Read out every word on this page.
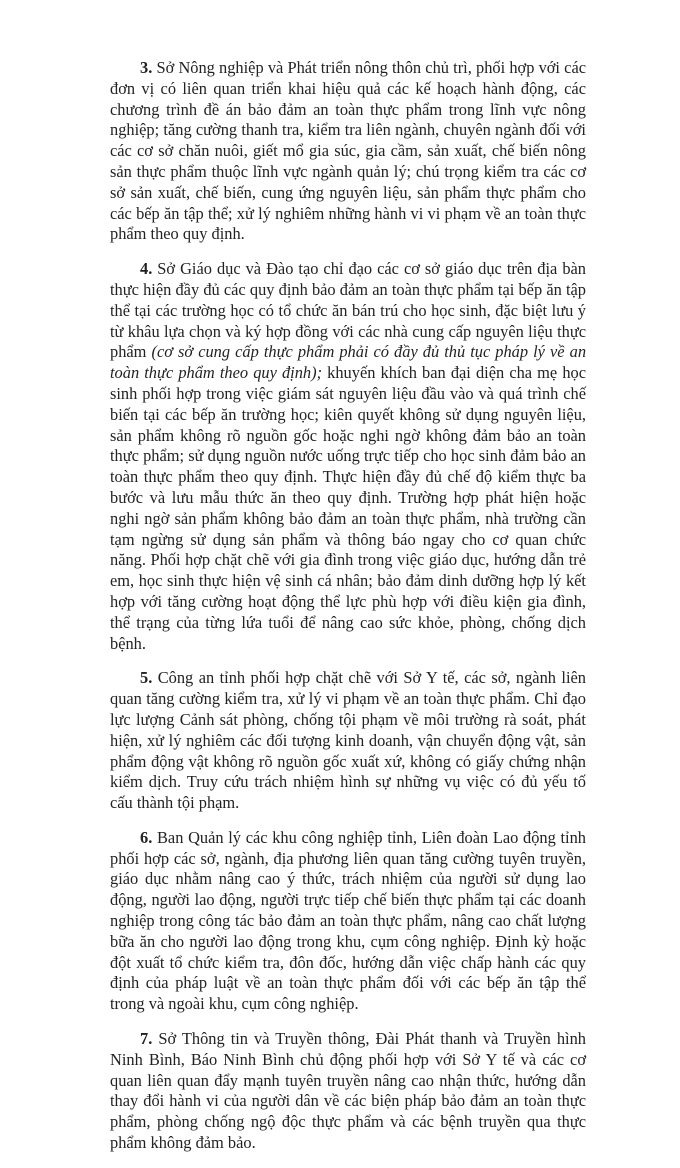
3. Sở Nông nghiệp và Phát triển nông thôn chủ trì, phối hợp với các đơn vị có liên quan triển khai hiệu quả các kế hoạch hành động, các chương trình đề án bảo đảm an toàn thực phẩm trong lĩnh vực nông nghiệp; tăng cường thanh tra, kiểm tra liên ngành, chuyên ngành đối với các cơ sở chăn nuôi, giết mổ gia súc, gia cầm, sản xuất, chế biến nông sản thực phẩm thuộc lĩnh vực ngành quản lý; chú trọng kiểm tra các cơ sở sản xuất, chế biến, cung ứng nguyên liệu, sản phẩm thực phẩm cho các bếp ăn tập thể; xử lý nghiêm những hành vi vi phạm về an toàn thực phẩm theo quy định.

4. Sở Giáo dục và Đào tạo chỉ đạo các cơ sở giáo dục trên địa bàn thực hiện đầy đủ các quy định bảo đảm an toàn thực phẩm tại bếp ăn tập thể tại các trường học có tổ chức ăn bán trú cho học sinh, đặc biệt lưu ý từ khâu lựa chọn và ký hợp đồng với các nhà cung cấp nguyên liệu thực phẩm (cơ sở cung cấp thực phẩm phải có đầy đủ thủ tục pháp lý về an toàn thực phẩm theo quy định); khuyến khích ban đại diện cha mẹ học sinh phối hợp trong việc giám sát nguyên liệu đầu vào và quá trình chế biến tại các bếp ăn trường học; kiên quyết không sử dụng nguyên liệu, sản phẩm không rõ nguồn gốc hoặc nghi ngờ không đảm bảo an toàn thực phẩm; sử dụng nguồn nước uống trực tiếp cho học sinh đảm bảo an toàn thực phẩm theo quy định. Thực hiện đầy đủ chế độ kiểm thực ba bước và lưu mẫu thức ăn theo quy định. Trường hợp phát hiện hoặc nghi ngờ sản phẩm không bảo đảm an toàn thực phẩm, nhà trường cần tạm ngừng sử dụng sản phẩm và thông báo ngay cho cơ quan chức năng. Phối hợp chặt chẽ với gia đình trong việc giáo dục, hướng dẫn trẻ em, học sinh thực hiện vệ sinh cá nhân; bảo đảm dinh dưỡng hợp lý kết hợp với tăng cường hoạt động thể lực phù hợp với điều kiện gia đình, thể trạng của từng lứa tuổi để nâng cao sức khỏe, phòng, chống dịch bệnh.

5. Công an tỉnh phối hợp chặt chẽ với Sở Y tế, các sở, ngành liên quan tăng cường kiểm tra, xử lý vi phạm về an toàn thực phẩm. Chỉ đạo lực lượng Cảnh sát phòng, chống tội phạm về môi trường rà soát, phát hiện, xử lý nghiêm các đối tượng kinh doanh, vận chuyển động vật, sản phẩm động vật không rõ nguồn gốc xuất xứ, không có giấy chứng nhận kiểm dịch. Truy cứu trách nhiệm hình sự những vụ việc có đủ yếu tố cấu thành tội phạm.

6. Ban Quản lý các khu công nghiệp tỉnh, Liên đoàn Lao động tỉnh phối hợp các sở, ngành, địa phương liên quan tăng cường tuyên truyền, giáo dục nhằm nâng cao ý thức, trách nhiệm của người sử dụng lao động, người lao động, người trực tiếp chế biến thực phẩm tại các doanh nghiệp trong công tác bảo đảm an toàn thực phẩm, nâng cao chất lượng bữa ăn cho người lao động trong khu, cụm công nghiệp. Định kỳ hoặc đột xuất tổ chức kiểm tra, đôn đốc, hướng dẫn việc chấp hành các quy định của pháp luật về an toàn thực phẩm đối với các bếp ăn tập thể trong và ngoài khu, cụm công nghiệp.

7. Sở Thông tin và Truyền thông, Đài Phát thanh và Truyền hình Ninh Bình, Báo Ninh Bình chủ động phối hợp với Sở Y tế và các cơ quan liên quan đẩy mạnh tuyên truyền nâng cao nhận thức, hướng dẫn thay đổi hành vi của người dân về các biện pháp bảo đảm an toàn thực phẩm, phòng chống ngộ độc thực phẩm và các bệnh truyền qua thực phẩm không đảm bảo.
